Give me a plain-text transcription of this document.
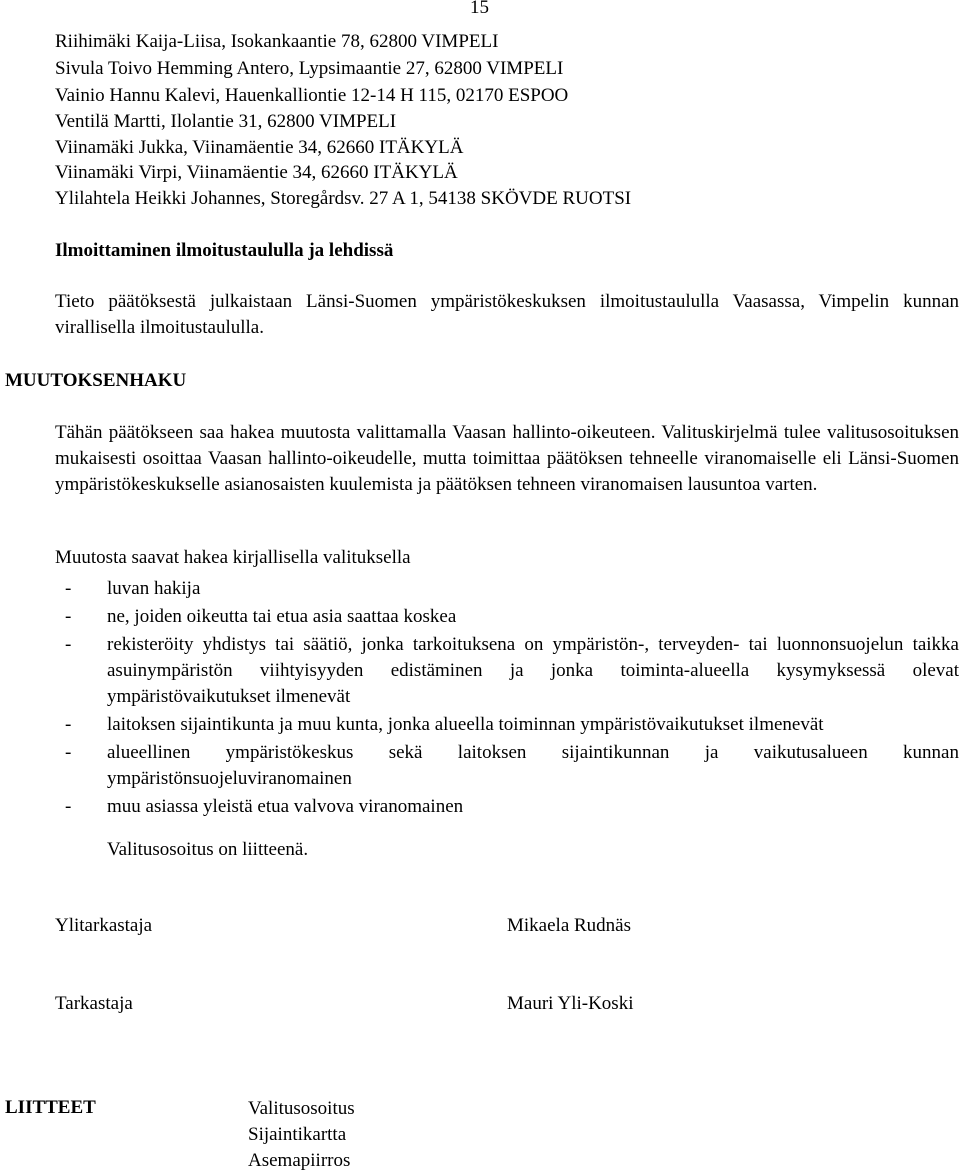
15
Riihimäki Kaija-Liisa, Isokankaantie 78, 62800 VIMPELI
Sivula Toivo Hemming Antero, Lypsimaantie 27, 62800 VIMPELI
Vainio Hannu Kalevi, Hauenkalliontie 12-14 H 115, 02170 ESPOO
Ventilä Martti, Ilolantie 31, 62800 VIMPELI
Viinamäki Jukka, Viinamäentie 34, 62660 ITÄKYLÄ
Viinamäki Virpi, Viinamäentie 34, 62660 ITÄKYLÄ
Ylilahtela Heikki Johannes, Storegårdsv. 27 A 1, 54138 SKÖVDE RUOTSI
Ilmoittaminen ilmoitustaululla ja lehdissä

Tieto päätöksestä julkaistaan Länsi-Suomen ympäristökeskuksen ilmoitustaululla Vaasassa, Vimpelin kunnan virallisella ilmoitustaululla.

MUUTOKSENHAKU

Tähän päätökseen saa hakea muutosta valittamalla Vaasan hallinto-oikeuteen. Valituskirjelmä tulee valitusosoituksen mukaisesti osoittaa Vaasan hallinto-oikeudelle, mutta toimittaa päätöksen tehneelle viranomaiselle eli Länsi-Suomen ympäristökeskukselle asianosaisten kuulemista ja päätöksen tehneen viranomaisen lausuntoa varten.

Muutosta saavat hakea kirjallisella valituksella
- luvan hakija
- ne, joiden oikeutta tai etua asia saattaa koskea
- rekisteröity yhdistys tai säätiö, jonka tarkoituksena on ympäristön-, terveyden- tai luonnonsuojelun taikka asuinympäristön viihtyisyyden edistäminen ja jonka toiminta-alueella kysymyksessä olevat ympäristövaikutukset ilmenevät
- laitoksen sijaintikunta ja muu kunta, jonka alueella toiminnan ympäristövaikutukset ilmenevät
- alueellinen ympäristökeskus sekä laitoksen sijaintikunnan ja vaikutusalueen kunnan ympäristönsuojeluviranomainen
- muu asiassa yleistä etua valvova viranomainen
Valitusosoitus on liitteenä.
Ylitarkastaja	Mikaela Rudnäs
Tarkastaja	Mauri Yli-Koski
LIITTEET	Valitusosoitus
Sijaintikartta
Asemapiirros
